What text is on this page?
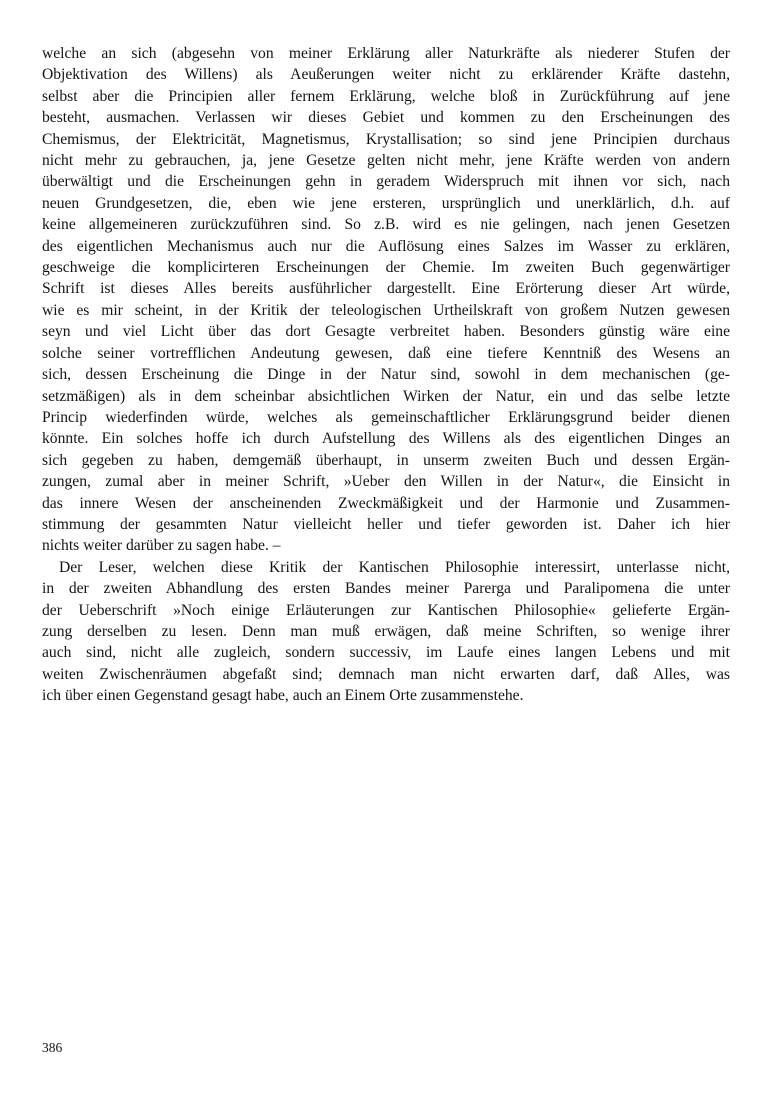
welche an sich (abgesehn von meiner Erklärung aller Naturkräfte als niederer Stufen der
Objektivation des Willens) als Aeußerungen weiter nicht zu erklärender Kräfte dastehn,
selbst aber die Principien aller fernem Erklärung, welche bloß in Zurückführung auf jene
besteht, ausmachen. Verlassen wir dieses Gebiet und kommen zu den Erscheinungen des
Chemismus, der Elektricität, Magnetismus, Krystallisation; so sind jene Principien durchaus
nicht mehr zu gebrauchen, ja, jene Gesetze gelten nicht mehr, jene Kräfte werden von andern
überwältigt und die Erscheinungen gehn in geradem Widerspruch mit ihnen vor sich, nach
neuen Grundgesetzen, die, eben wie jene ersteren, ursprünglich und unerklärlich, d.h. auf
keine allgemeineren zurückzuführen sind. So z.B. wird es nie gelingen, nach jenen Gesetzen
des eigentlichen Mechanismus auch nur die Auflösung eines Salzes im Wasser zu erklären,
geschweige die komplicirteren Erscheinungen der Chemie. Im zweiten Buch gegenwärtiger
Schrift ist dieses Alles bereits ausführlicher dargestellt. Eine Erörterung dieser Art würde,
wie es mir scheint, in der Kritik der teleologischen Urtheilskraft von großem Nutzen gewesen
seyn und viel Licht über das dort Gesagte verbreitet haben. Besonders günstig wäre eine
solche seiner vortrefflichen Andeutung gewesen, daß eine tiefere Kenntniß des Wesens an
sich, dessen Erscheinung die Dinge in der Natur sind, sowohl in dem mechanischen (ge-
setzmäßigen) als in dem scheinbar absichtlichen Wirken der Natur, ein und das selbe letzte
Princip wiederfinden würde, welches als gemeinschaftlicher Erklärungsgrund beider dienen
könnte. Ein solches hoffe ich durch Aufstellung des Willens als des eigentlichen Dinges an
sich gegeben zu haben, demgemäß überhaupt, in unserm zweiten Buch und dessen Ergän-
zungen, zumal aber in meiner Schrift, »Ueber den Willen in der Natur«, die Einsicht in
das innere Wesen der anscheinenden Zweckmäßigkeit und der Harmonie und Zusammen-
stimmung der gesammten Natur vielleicht heller und tiefer geworden ist. Daher ich hier
nichts weiter darüber zu sagen habe. –
Der Leser, welchen diese Kritik der Kantischen Philosophie interessirt, unterlasse nicht,
in der zweiten Abhandlung des ersten Bandes meiner Parerga und Paralipomena die unter
der Ueberschrift »Noch einige Erläuterungen zur Kantischen Philosophie« gelieferte Ergän-
zung derselben zu lesen. Denn man muß erwägen, daß meine Schriften, so wenige ihrer
auch sind, nicht alle zugleich, sondern successiv, im Laufe eines langen Lebens und mit
weiten Zwischenräumen abgefaßt sind; demnach man nicht erwarten darf, daß Alles, was
ich über einen Gegenstand gesagt habe, auch an Einem Orte zusammenstehe.
386
